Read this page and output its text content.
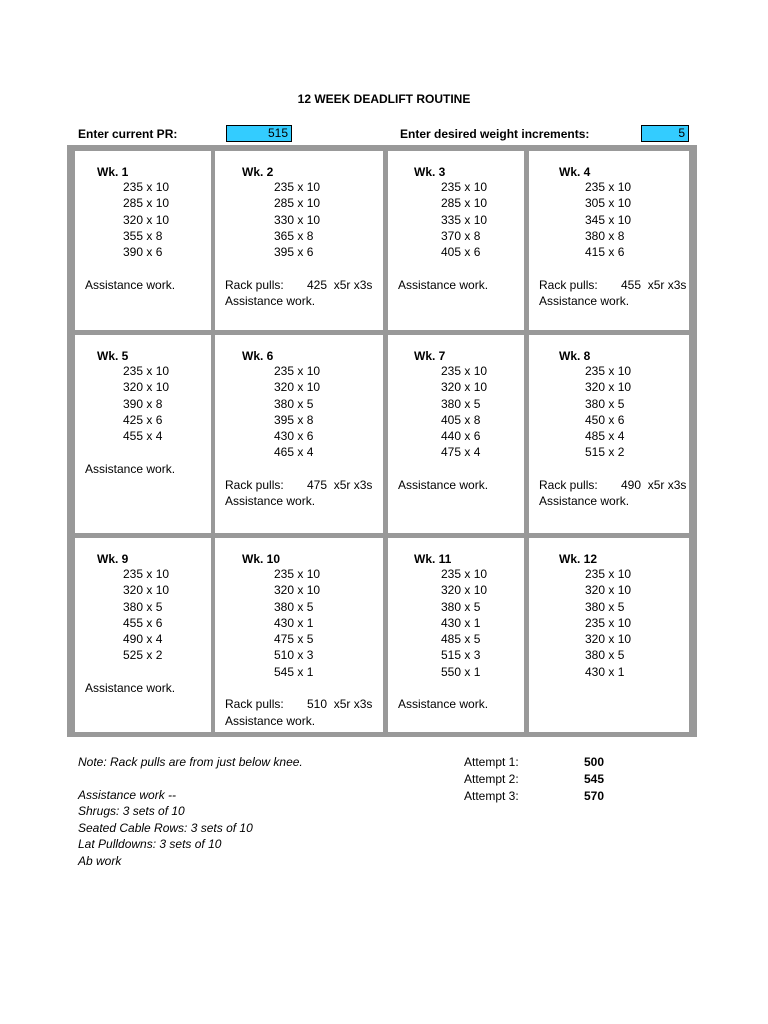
12 WEEK DEADLIFT ROUTINE
Enter current PR:	515	Enter desired weight increments:	5
Wk. 1
235 x 10
285 x 10
320 x 10
355 x 8
390 x 6
Assistance work.
Wk. 2
235 x 10
285 x 10
330 x 10
365 x 8
395 x 6
Rack pulls:	425  x5r x3s
Assistance work.
Wk. 3
235 x 10
285 x 10
335 x 10
370 x 8
405 x 6
Assistance work.
Wk. 4
235 x 10
305 x 10
345 x 10
380 x 8
415 x 6
Rack pulls:	455  x5r x3s
Assistance work.
Wk. 5
235 x 10
320 x 10
390 x 8
425 x 6
455 x 4
Assistance work.
Wk. 6
235 x 10
320 x 10
380 x 5
395 x 8
430 x 6
465 x 4
Rack pulls:	475  x5r x3s
Assistance work.
Wk. 7
235 x 10
320 x 10
380 x 5
405 x 8
440 x 6
475 x 4
Assistance work.
Wk. 8
235 x 10
320 x 10
380 x 5
450 x 6
485 x 4
515 x 2
Rack pulls:	490  x5r x3s
Assistance work.
Wk. 9
235 x 10
320 x 10
380 x 5
455 x 6
490 x 4
525 x 2
Assistance work.
Wk. 10
235 x 10
320 x 10
380 x 5
430 x 1
475 x 5
510 x 3
545 x 1
Rack pulls:	510  x5r x3s
Assistance work.
Wk. 11
235 x 10
320 x 10
380 x 5
430 x 1
485 x 5
515 x 3
550 x 1
Assistance work.
Wk. 12
235 x 10
320 x 10
380 x 5
235 x 10
320 x 10
380 x 5
430 x 1
Note: Rack pulls are from just below knee.
Assistance work --
Shrugs: 3 sets of 10
Seated Cable Rows: 3 sets of 10
Lat Pulldowns: 3 sets of 10
Ab work
Attempt 1:	500
Attempt 2:	545
Attempt 3:	570
